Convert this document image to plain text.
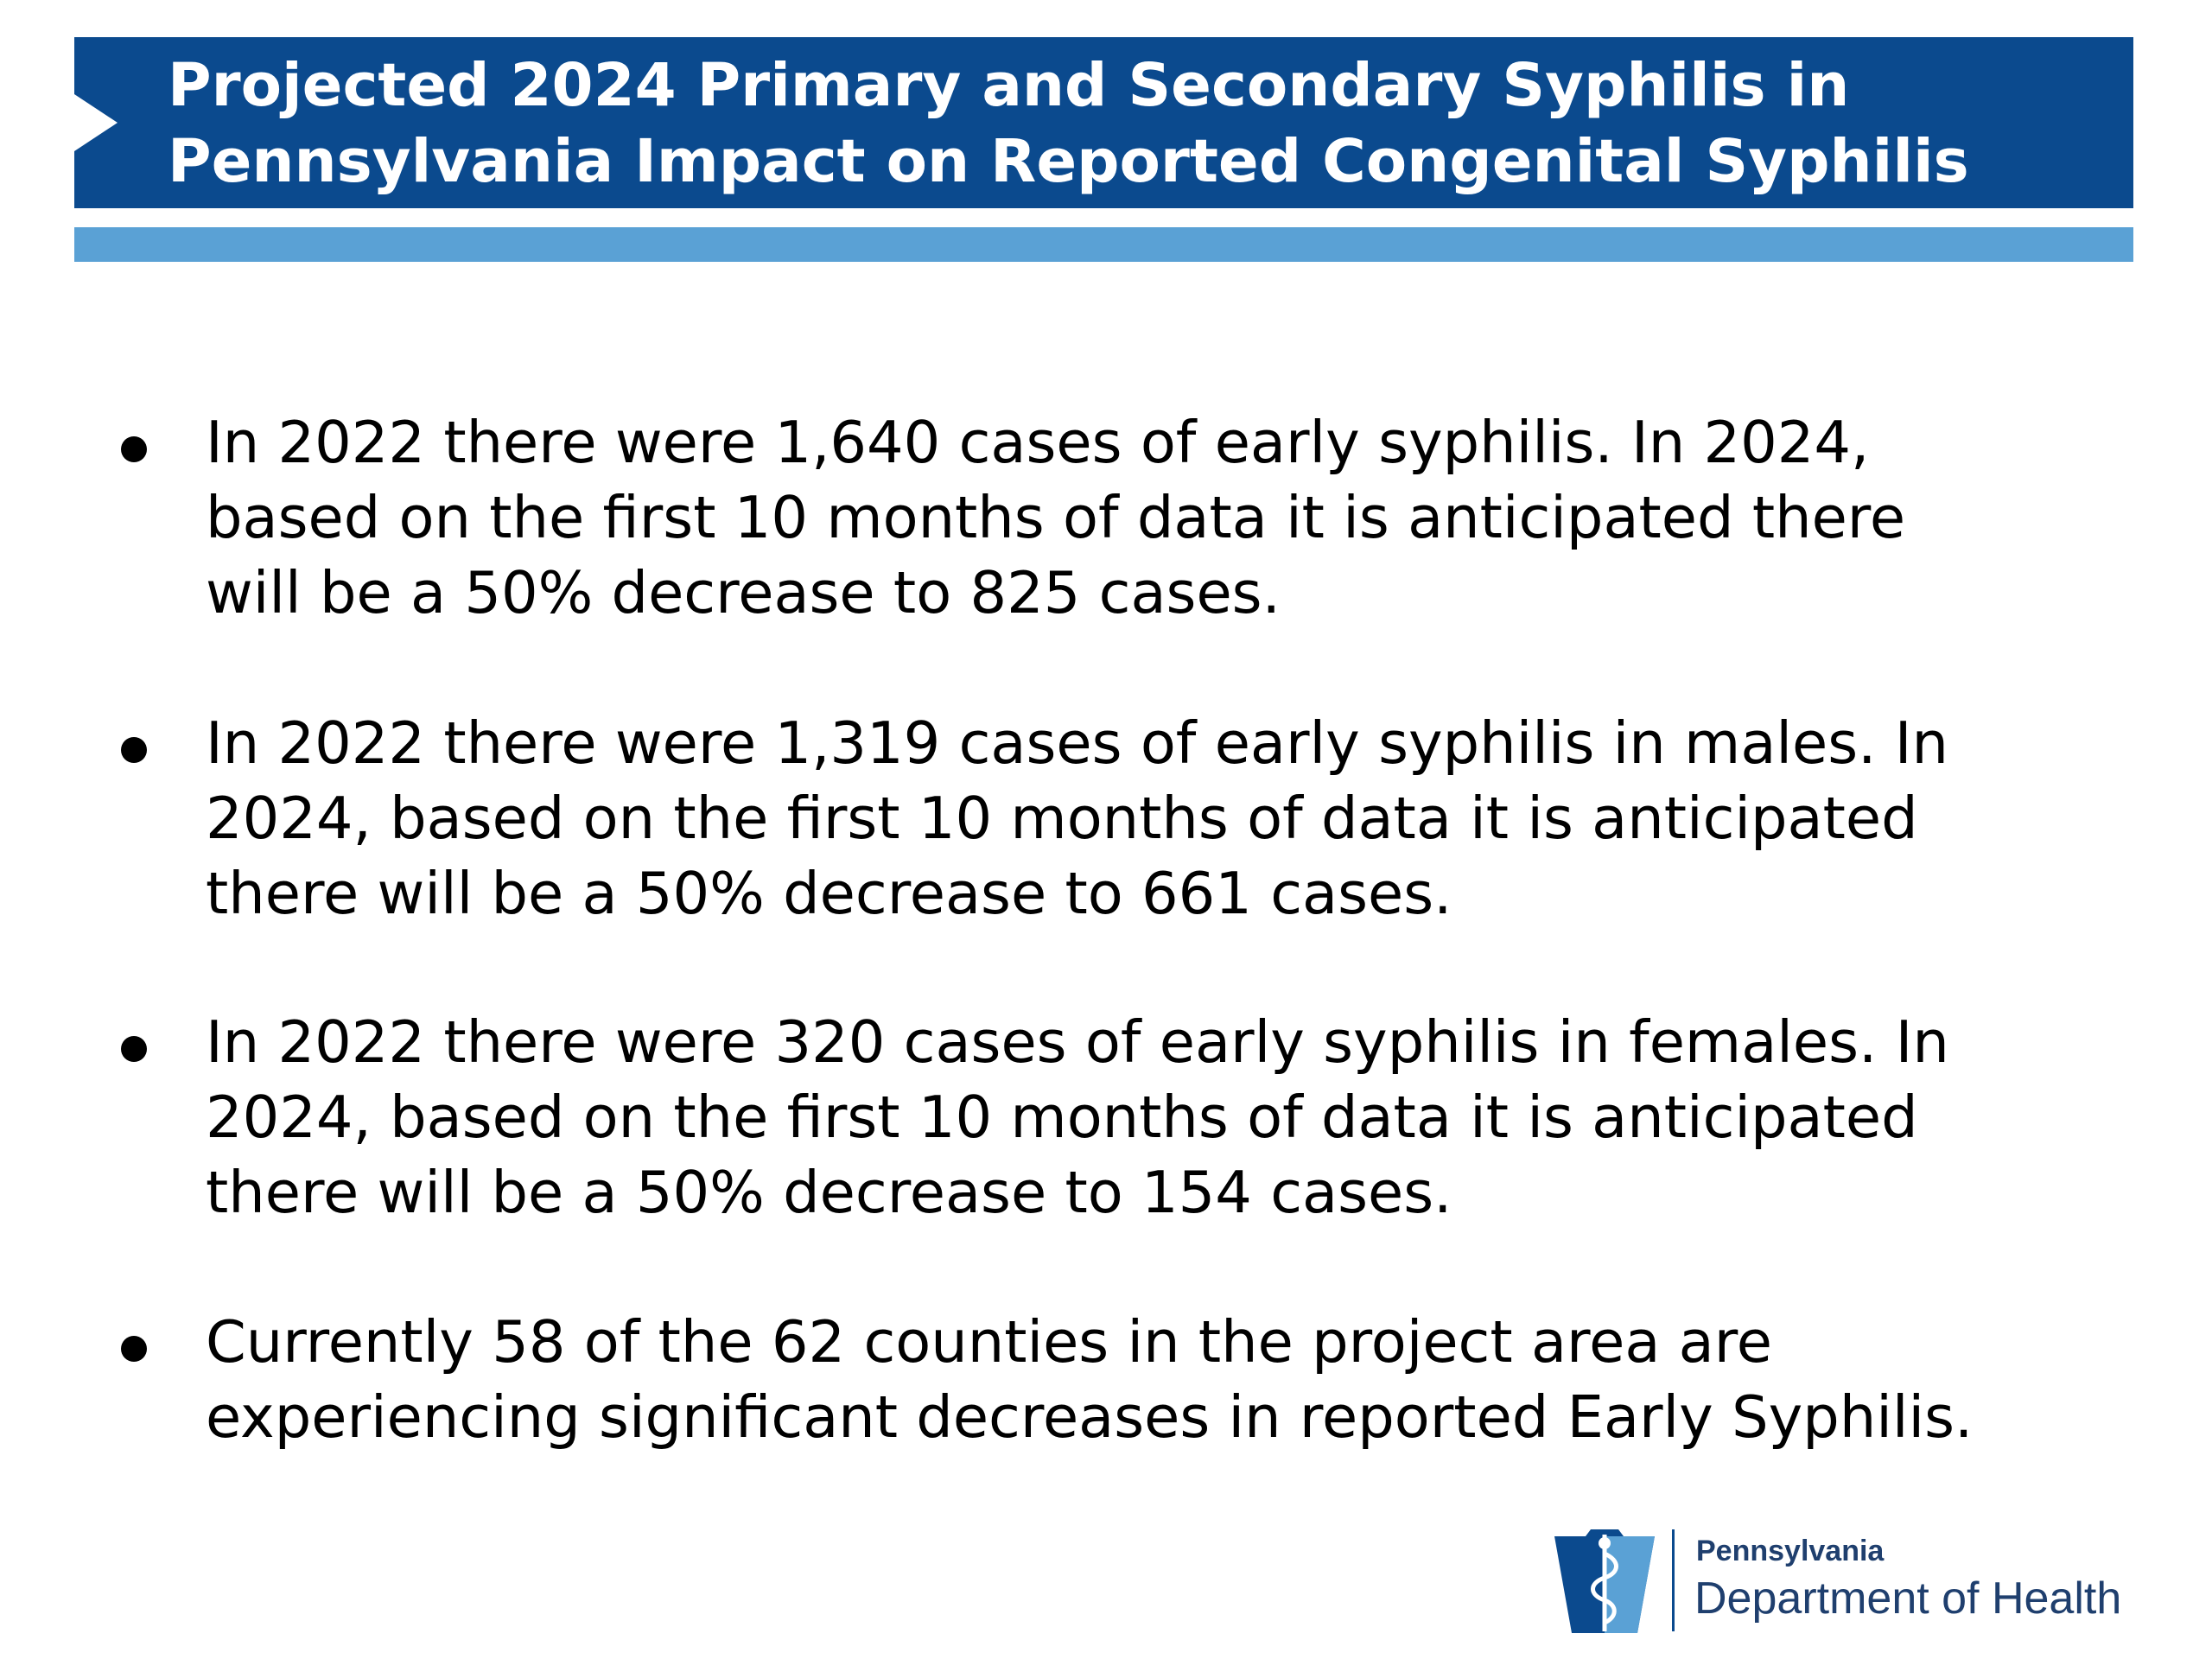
Projected 2024 Primary and Secondary Syphilis in
Pennsylvania Impact on Reported Congenital Syphilis
In 2022 there were 1,640 cases of early syphilis. In 2024,
based on the first 10 months of data it is anticipated there
will be a 50% decrease to 825 cases.
In 2022 there were 1,319 cases of early syphilis in males. In
2024, based on the first 10 months of data it is anticipated
there will be a 50% decrease to 661 cases.
In 2022 there were 320 cases of early syphilis in females. In
2024, based on the first 10 months of data it is anticipated
there will be a 50% decrease to 154 cases.
Currently 58 of the 62 counties in the project area are
experiencing significant decreases in reported Early Syphilis.
Pennsylvania
Department of Health
